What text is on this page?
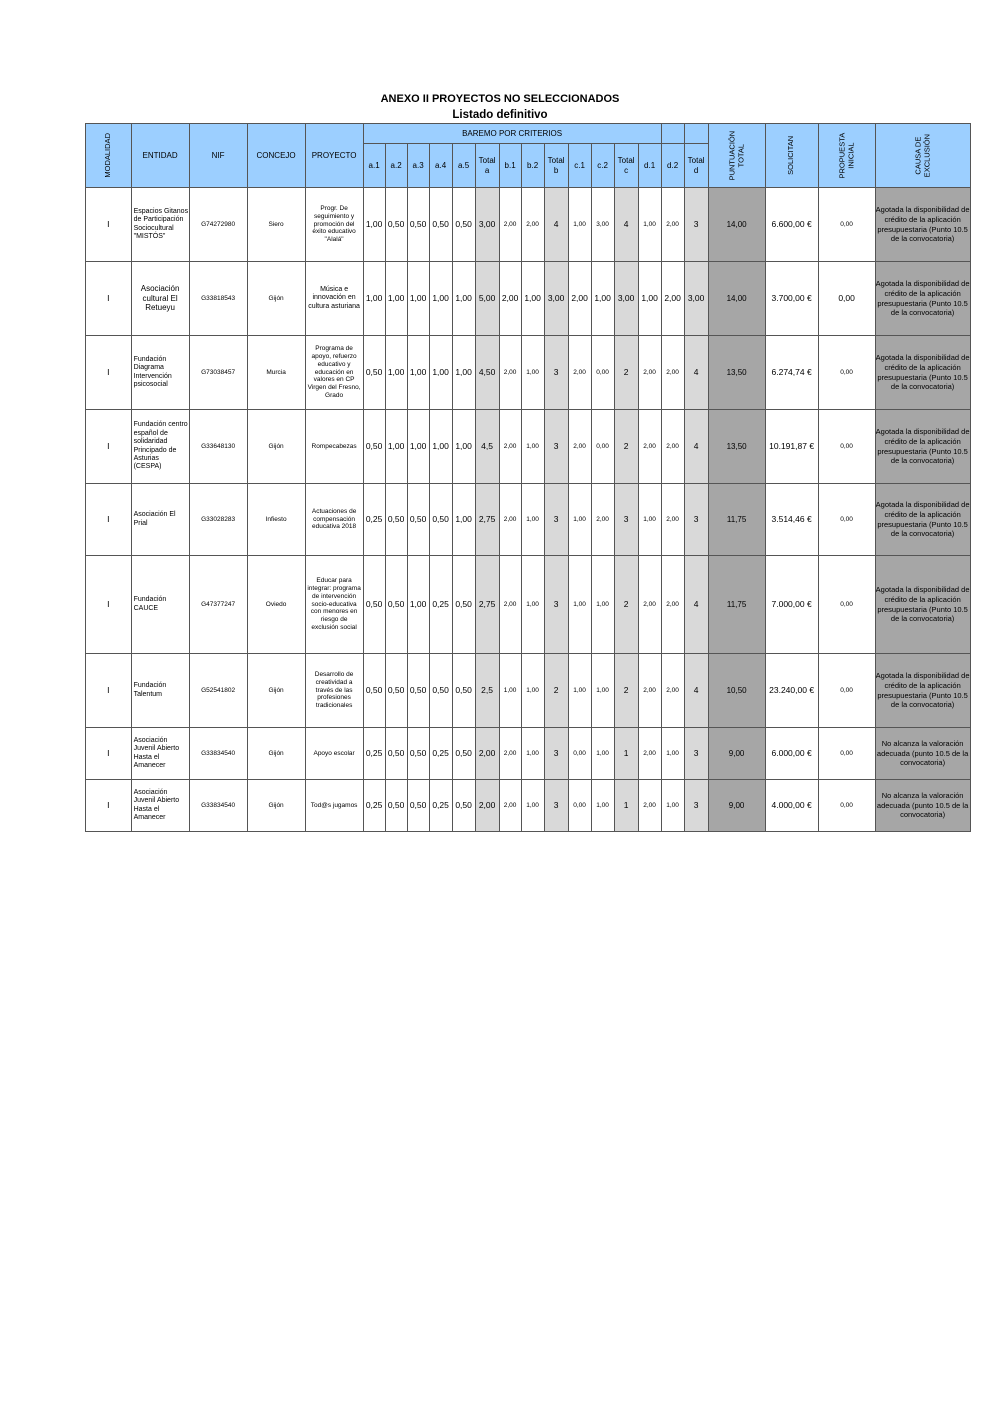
ANEXO II PROYECTOS NO SELECCIONADOS
Listado definitivo
MODALIDAD	ENTIDAD	NIF	CONCEJO	PROYECTO	BAREMO POR CRITERIOS															PUNTUACIÓN TOTAL	SOLICITAN	PROPUESTA INICIAL	CAUSA DE EXCLUSIÓN

					a.1	a.2	a.3	a.4	a.5	Total a	b.1	b.2	Total b	c.1	c.2	Total c	d.1	d.2	Total d				
I	Espacios Gitanos de Participación Sociocultural "MISTÓS"	G74272980	Siero	Progr. De seguimiento y promoción del éxito educativo "Alalá"	1,00	0,50	0,50	0,50	0,50	3,00	2,00	2,00	4	1,00	3,00	4	1,00	2,00	3	14,00	6.600,00 €	0,00	Agotada la disponibilidad de crédito de la aplicación presupuestaria (Punto 10.5 de la convocatoria)
I	Asociación cultural El Retueyu	G33818543	Gijón	Música e innovación en cultura asturiana	1,00	1,00	1,00	1,00	1,00	5,00	2,00	1,00	3,00	2,00	1,00	3,00	1,00	2,00	3,00	14,00	3.700,00 €	0,00	Agotada la disponibilidad de crédito de la aplicación presupuestaria (Punto 10.5 de la convocatoria)
I	Fundación Diagrama Intervención psicosocial	G73038457	Murcia	Programa de apoyo, refuerzo educativo y educación en valores en CP Virgen del Fresno, Grado	0,50	1,00	1,00	1,00	1,00	4,50	2,00	1,00	3	2,00	0,00	2	2,00	2,00	4	13,50	6.274,74 €	0,00	Agotada la disponibilidad de crédito de la aplicación presupuestaria (Punto 10.5 de la convocatoria)
I	Fundación centro español de solidaridad Principado de Asturias (CESPA)	G33648130	Gijón	Rompecabezas	0,50	1,00	1,00	1,00	1,00	4,5	2,00	1,00	3	2,00	0,00	2	2,00	2,00	4	13,50	10.191,87 €	0,00	Agotada la disponibilidad de crédito de la aplicación presupuestaria (Punto 10.5 de la convocatoria)
I	Asociación El Prial	G33028283	Infiesto	Actuaciones de compensación educativa 2018	0,25	0,50	0,50	0,50	1,00	2,75	2,00	1,00	3	1,00	2,00	3	1,00	2,00	3	11,75	3.514,46 €	0,00	Agotada la disponibilidad de crédito de la aplicación presupuestaria (Punto 10.5 de la convocatoria)
I	Fundación CAUCE	G47377247	Oviedo	Educar para integrar: programa de intervención socio-educativa con menores en riesgo de exclusión social	0,50	0,50	1,00	0,25	0,50	2,75	2,00	1,00	3	1,00	1,00	2	2,00	2,00	4	11,75	7.000,00 €	0,00	Agotada la disponibilidad de crédito de la aplicación presupuestaria (Punto 10.5 de la convocatoria)
I	Fundación Talentum	G52541802	Gijón	Desarrollo de creatividad a través de las profesiones tradicionales	0,50	0,50	0,50	0,50	0,50	2,5	1,00	1,00	2	1,00	1,00	2	2,00	2,00	4	10,50	23.240,00 €	0,00	Agotada la disponibilidad de crédito de la aplicación presupuestaria (Punto 10.5 de la convocatoria)
I	Asociación Juvenil Abierto Hasta el Amanecer	G33834540	Gijón	Apoyo escolar	0,25	0,50	0,50	0,25	0,50	2,00	2,00	1,00	3	0,00	1,00	1	2,00	1,00	3	9,00	6.000,00 €	0,00	No alcanza la valoración adecuada (punto 10.5 de la convocatoria)
I	Asociación Juvenil Abierto Hasta el Amanecer	G33834540	Gijón	Tod@s jugamos	0,25	0,50	0,50	0,25	0,50	2,00	2,00	1,00	3	0,00	1,00	1	2,00	1,00	3	9,00	4.000,00 €	0,00	No alcanza la valoración adecuada (punto 10.5 de la convocatoria)
